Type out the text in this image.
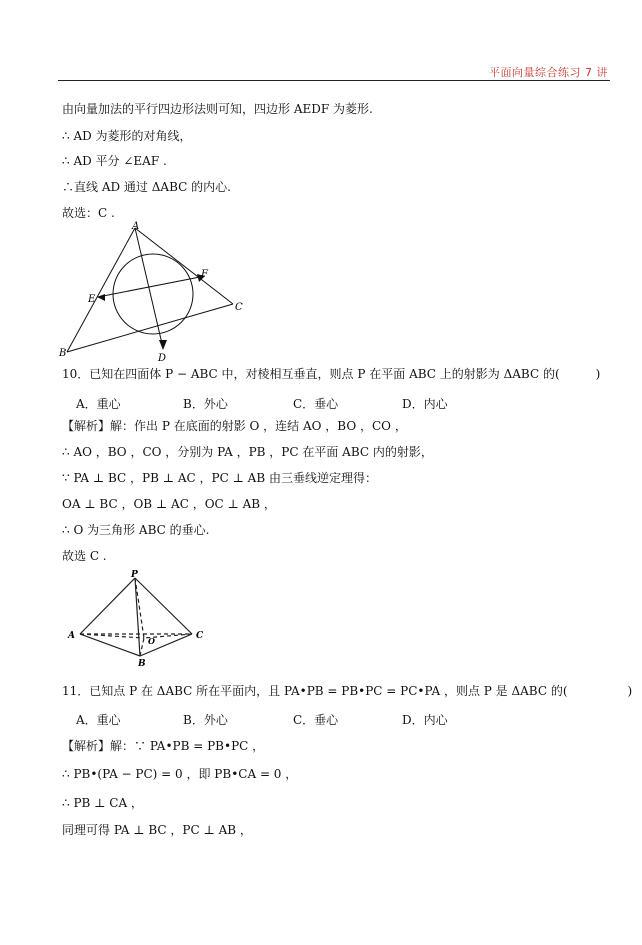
平面向量综合练习 7 讲
由向量加法的平行四边形法则可知，四边形 AEDF 为菱形.
∴ AD 为菱形的对角线，
∴ AD 平分 ∠EAF .
∴直线 AD 通过 ΔABC 的内心.
故选：C .
A
B
C
D
E
F
10．已知在四面体 P − ABC 中，对棱相互垂直，则点 P 在平面 ABC 上的射影为 ΔABC 的(　　　)
A．重心	B．外心	C．垂心	D．内心
【解析】解：作出 P 在底面的射影 O ，连结 AO ，BO ，CO ，
∴ AO ，BO ，CO ，分别为 PA ，PB ，PC 在平面 ABC 内的射影，
∵ PA ⊥ BC ，PB ⊥ AC ，PC ⊥ AB 由三垂线逆定理得：
OA ⊥ BC ，OB ⊥ AC ，OC ⊥ AB ，
∴ O 为三角形 ABC 的垂心.
故选 C .
P
A	C
B
O
11．已知点 P 在 ΔABC 所在平面内，且 PA•PB = PB•PC = PC•PA ，则点 P 是 ΔABC 的(　　　　　)
A．重心	B．外心	C．垂心	D．内心
【解析】解：∵ PA•PB = PB•PC ，
∴ PB•(PA − PC) = 0 ，即 PB•CA = 0 ，
∴ PB ⊥ CA ，
同理可得 PA ⊥ BC ，PC ⊥ AB ，
